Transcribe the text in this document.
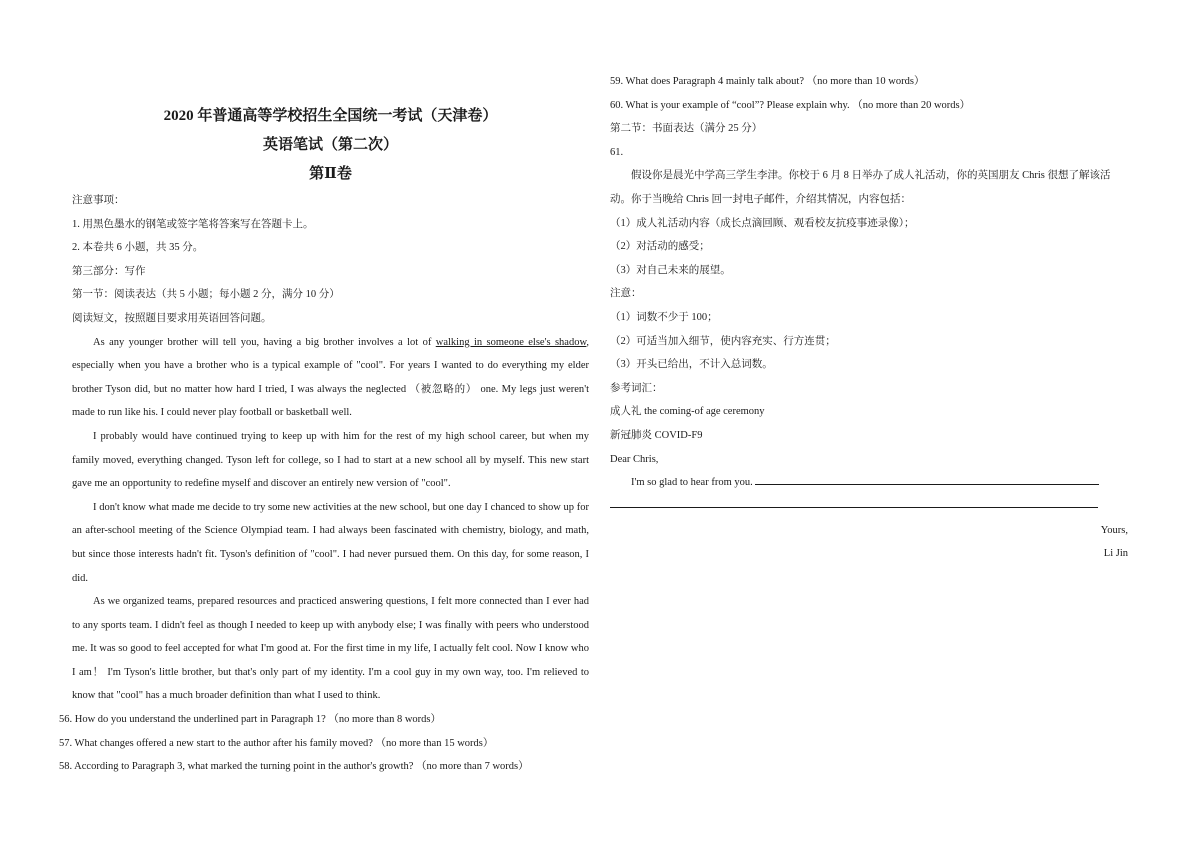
2020 年普通高等学校招生全国统一考试（天津卷）

英语笔试（第二次）

第Ⅱ卷

注意事项：

1. 用黑色墨水的钢笔或签字笔将答案写在答题卡上。

2. 本卷共 6 小题，共 35 分。

第三部分：写作

第一节：阅读表达（共 5 小题；每小题 2 分，满分 10 分）

阅读短文，按照题目要求用英语回答问题。

As any younger brother will tell you, having a big brother involves a lot of walking in someone else's shadow, especially when you have a brother who is a typical example of "cool". For years I wanted to do everything my elder brother Tyson did, but no matter how hard I tried, I was always the neglected （被忽略的） one. My legs just weren't made to run like his. I could never play football or basketball well.

I probably would have continued trying to keep up with him for the rest of my high school career, but when my family moved, everything changed. Tyson left for college, so I had to start at a new school all by myself. This new start gave me an opportunity to redefine myself and discover an entirely new version of "cool".

I don't know what made me decide to try some new activities at the new school, but one day I chanced to show up for an after-school meeting of the Science Olympiad team. I had always been fascinated with chemistry, biology, and math, but since those interests hadn't fit. Tyson's definition of "cool". I had never pursued them. On this day, for some reason, I did.

As we organized teams, prepared resources and practiced answering questions, I felt more connected than I ever had to any sports team. I didn't feel as though I needed to keep up with anybody else; I was finally with peers who understood me. It was so good to feel accepted for what I'm good at. For the first time in my life, I actually felt cool. Now I know who I am！ I'm Tyson's little brother, but that's only part of my identity. I'm a cool guy in my own way, too. I'm relieved to know that "cool" has a much broader definition than what I used to think.

56. How do you understand the underlined part in Paragraph 1? （no more than 8 words）

57. What changes offered a new start to the author after his family moved? （no more than 15 words）

58. According to Paragraph 3, what marked the turning point in the author's growth? （no more than 7 words）

59. What does Paragraph 4 mainly talk about? （no more than 10 words）

60. What is your example of “cool”? Please explain why. （no more than 20 words）

第二节：书面表达（满分 25 分）

61.

假设你是晨光中学高三学生李津。你校于 6 月 8 日举办了成人礼活动，你的英国朋友 Chris 很想了解该活动。你于当晚给 Chris 回一封电子邮件，介绍其情况，内容包括：

（1）成人礼活动内容（成长点滴回顾、观看校友抗疫事迹录像）；

（2）对活动的感受；

（3）对自己未来的展望。

注意：

（1）词数不少于 100；

（2）可适当加入细节，使内容充实、行方连贯；

（3）开头已给出，不计入总词数。

参考词汇：

成人礼 the coming-of age ceremony

新冠肺炎 COVID-F9

Dear Chris,

I'm so glad to hear from you.

Yours,

Li Jin
